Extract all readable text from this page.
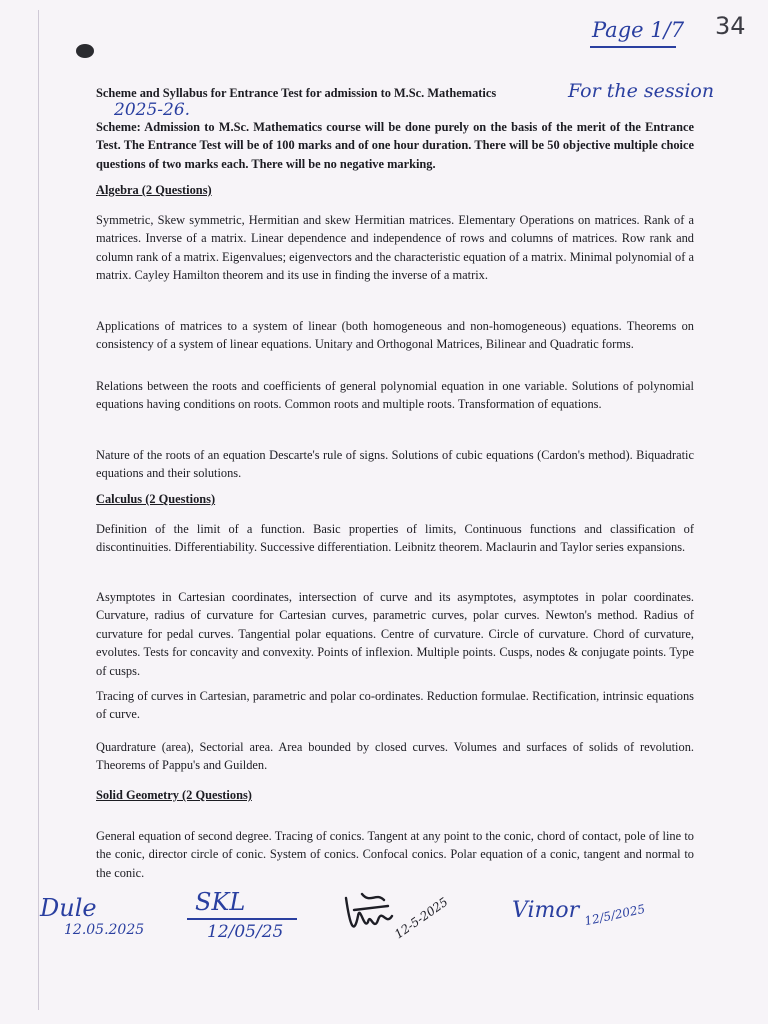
Page 1/7 34
For the session
2025-26.
Scheme and Syllabus for Entrance Test for admission to M.Sc. Mathematics
Scheme: Admission to M.Sc. Mathematics course will be done purely on the basis of the merit of the Entrance Test. The Entrance Test will be of 100 marks and of one hour duration. There will be 50 objective multiple choice questions of two marks each. There will be no negative marking.
Algebra (2 Questions)
Symmetric, Skew symmetric, Hermitian and skew Hermitian matrices. Elementary Operations on matrices. Rank of a matrices. Inverse of a matrix. Linear dependence and independence of rows and columns of matrices. Row rank and column rank of a matrix. Eigenvalues; eigenvectors and the characteristic equation of a matrix. Minimal polynomial of a matrix. Cayley Hamilton theorem and its use in finding the inverse of a matrix.
Applications of matrices to a system of linear (both homogeneous and non-homogeneous) equations. Theorems on consistency of a system of linear equations. Unitary and Orthogonal Matrices, Bilinear and Quadratic forms.
Relations between the roots and coefficients of general polynomial equation in one variable. Solutions of polynomial equations having conditions on roots. Common roots and multiple roots. Transformation of equations.
Nature of the roots of an equation Descarte's rule of signs. Solutions of cubic equations (Cardon's method). Biquadratic equations and their solutions.
Calculus (2 Questions)
Definition of the limit of a function. Basic properties of limits, Continuous functions and classification of discontinuities. Differentiability. Successive differentiation. Leibnitz theorem. Maclaurin and Taylor series expansions.
Asymptotes in Cartesian coordinates, intersection of curve and its asymptotes, asymptotes in polar coordinates. Curvature, radius of curvature for Cartesian curves, parametric curves, polar curves. Newton's method. Radius of curvature for pedal curves. Tangential polar equations. Centre of curvature. Circle of curvature. Chord of curvature, evolutes. Tests for concavity and convexity. Points of inflexion. Multiple points. Cusps, nodes & conjugate points. Type of cusps.
Tracing of curves in Cartesian, parametric and polar co-ordinates. Reduction formulae. Rectification, intrinsic equations of curve.
Quardrature (area), Sectorial area. Area bounded by closed curves. Volumes and surfaces of solids of revolution. Theorems of Pappu's and Guilden.
Solid Geometry (2 Questions)
General equation of second degree. Tracing of conics. Tangent at any point to the conic, chord of contact, pole of line to the conic, director circle of conic. System of conics. Confocal conics. Polar equation of a conic, tangent and normal to the conic.
Dule
12.05.2025
SKL
12/05/25	12-5-2025	Vimor 12/5/2025
